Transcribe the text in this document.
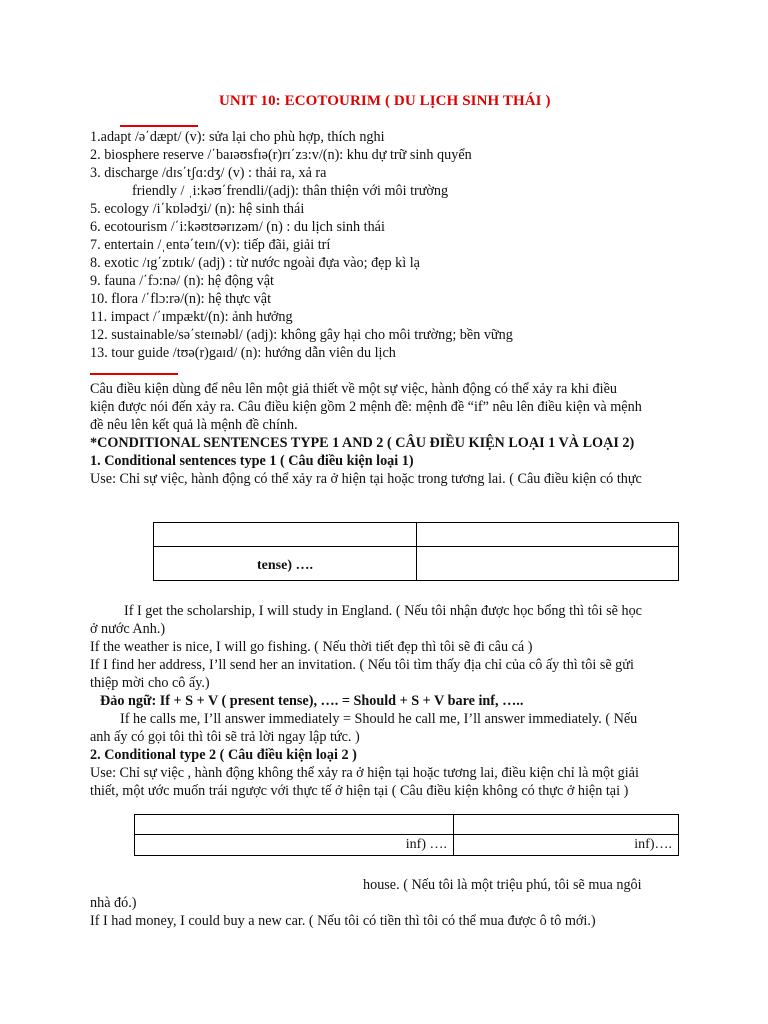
UNIT 10: ECOTOURIM ( DU LỊCH SINH THÁI )
1.adapt /ə΄dæpt/ (v): sửa lại cho phù hợp, thích nghi
2. biosphere reserve /΄baɪəʊsfɪə(r)rɪ΄zɜ:v/(n): khu dự trữ sinh quyển
3. discharge /dɪs΄tʃɑ:dʒ/ (v) : thải ra, xả ra
friendly / ˌi:kəʊ΄frendli/(adj): thân thiện với môi trường
5. ecology /i΄kɒlədʒi/ (n): hệ sinh thái
6. ecotourism /΄i:kəʊtʊərɪzəm/ (n) : du lịch sinh thái
7. entertain /ˌentə΄teɪn/(v): tiếp đãi, giải trí
8. exotic /ɪg΄zɒtɪk/ (adj) : từ nước ngoài đựa vào; đẹp kì lạ
9. fauna /΄fɔ:nə/ (n): hệ động vật
10. flora /΄flɔ:rə/(n): hệ thực vật
11. impact /΄ɪmpækt/(n): ảnh hưởng
12. sustainable/sə΄steɪnəbl/ (adj): không gây hại cho môi trường; bền vững
13. tour guide /tʊə(r)gaɪd/ (n): hướng dẫn viên du lịch
Câu điều kiện dùng để nêu lên một giả thiết về một sự việc, hành động có thể xảy ra khi điều
kiện được nói đến xảy ra. Câu điều kiện gồm 2 mệnh đề: mệnh đề “if” nêu lên điều kiện và mệnh
đề nêu lên kết quả là mệnh đề chính.
*CONDITIONAL SENTENCES TYPE 1 AND 2 ( CÂU ĐIỀU KIỆN LOẠI 1 VÀ LOẠI 2)
1. Conditional sentences type 1 ( Câu điều kiện loại 1)
Use: Chỉ sự việc, hành động có thể xảy ra ở hiện tại hoặc trong tương lai. ( Câu điều kiện có thực

tense) ….	
If I get the scholarship, I will study in England. ( Nếu tôi nhận được học bổng thì tôi sẽ học
ở nước Anh.)
If the weather is nice, I will go fishing. ( Nếu thời tiết đẹp thì tôi sẽ đi câu cá )
If I find her address, I’ll send her an invitation. ( Nếu tôi tìm thấy địa chỉ của cô ấy thì tôi sẽ gửi
thiệp mời cho cô ấy.)
Đảo ngữ: If + S + V ( present tense), …. = Should + S + V bare inf, …..
If he calls me, I’ll answer immediately = Should he call me, I’ll answer immediately. ( Nếu
anh ấy có gọi tôi thì tôi sẽ trả lời ngay lập tức. )
2. Conditional type 2 ( Câu điều kiện loại 2 )
Use: Chỉ sự việc , hành động không thể xảy ra ở hiện tại hoặc tương lai, điều kiện chỉ là một giải
thiết, một ước muốn trái ngược với thực tế ở hiện tại ( Câu điều kiện không có thực ở hiện tại )

inf) ….	inf)….
house. ( Nếu tôi là một triệu phú, tôi sẽ mua ngôi
nhà đó.)
If I had money, I could buy a new car. ( Nếu tôi có tiền thì tôi có thể mua được ô tô mới.)
